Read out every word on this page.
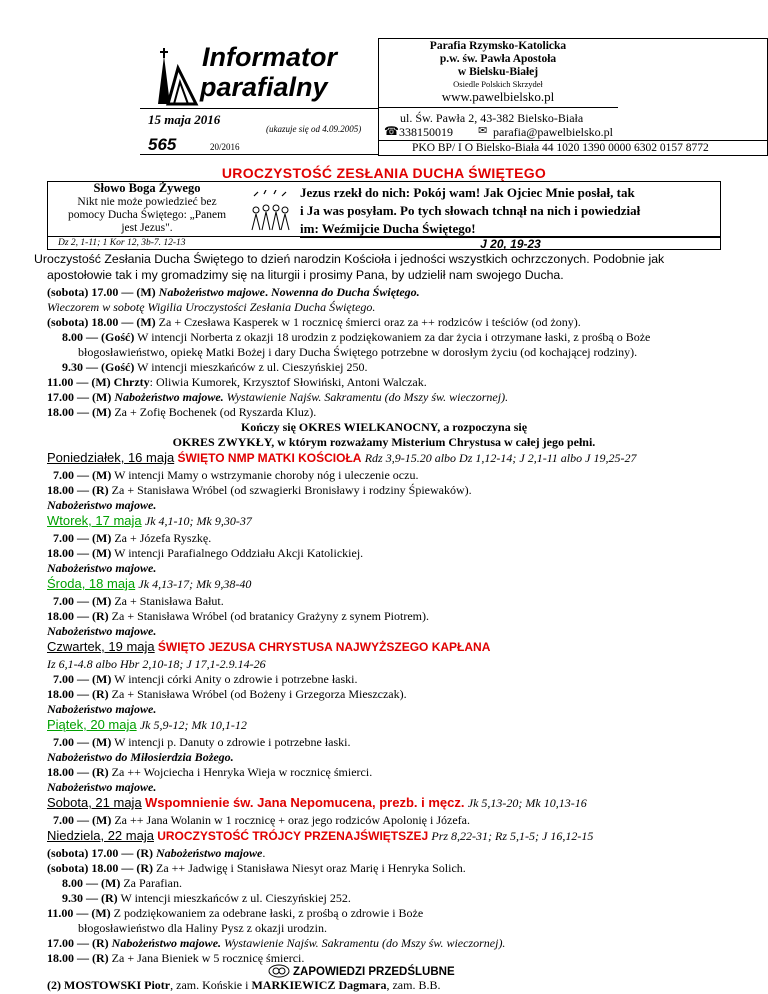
Informator
parafialny
15 maja 2016
565	20/2016
(ukazuje się od 4.09.2005)
Parafia Rzymsko-Katolicka
p.w. św. Pawła Apostoła
w Bielsku-Białej
Osiedle Polskich Skrzydeł
www.pawelbielsko.pl
ul. Św. Pawła 2, 43-382 Bielsko-Biała
☎ 338150019 ✉ parafia@pawelbielsko.pl
PKO BP/ I O Bielsko-Biała 44 1020 1390 0000 6302 0157 8772
UROCZYSTOŚĆ ZESŁANIA DUCHA ŚWIĘTEGO
Słowo Boga Żywego
Nikt nie może powiedzieć bez
pomocy Ducha Świętego: „Panem
jest Jezus".
Dz 2, 1-11; 1 Kor 12, 3b-7. 12-13
Jezus rzekł do nich: Pokój wam! Jak Ojciec Mnie posłał, tak
i Ja was posyłam. Po tych słowach tchnął na nich i powiedział
im: Weźmijcie Ducha Świętego!
J 20, 19-23
Uroczystość Zesłania Ducha Świętego to dzień narodzin Kościoła i jedności wszystkich ochrzczonych. Podobnie jak
apostołowie tak i my gromadzimy się na liturgii i prosimy Pana, by udzielił nam swojego Ducha.
(sobota) 17.00 — (M) Nabożeństwo majowe. Nowenna do Ducha Świętego.
Wieczorem w sobotę Wigilia Uroczystości Zesłania Ducha Świętego.
(sobota) 18.00 — (M) Za + Czesława Kasperek w 1 rocznicę śmierci oraz za ++ rodziców i teściów (od żony).
8.00 — (Gość) W intencji Norberta z okazji 18 urodzin z podziękowaniem za dar życia i otrzymane łaski, z prośbą o Boże
błogosławieństwo, opiekę Matki Bożej i dary Ducha Świętego potrzebne w dorosłym życiu (od kochającej rodziny).
9.30 — (Gość) W intencji mieszkańców z ul. Cieszyńskiej 250.
11.00 — (M) Chrzty: Oliwia Kumorek, Krzysztof Słowiński, Antoni Walczak.
17.00 — (M) Nabożeństwo majowe. Wystawienie Najśw. Sakramentu (do Mszy św. wieczornej).
18.00 — (M) Za + Zofię Bochenek (od Ryszarda Kluz).
Kończy się OKRES WIELKANOCNY, a rozpoczyna się
OKRES ZWYKŁY, w którym rozważamy Misterium Chrystusa w całej jego pełni.
Poniedziałek, 16 maja ŚWIĘTO NMP MATKI KOŚCIOŁA Rdz 3,9-15.20 albo Dz 1,12-14; J 2,1-11 albo J 19,25-27
7.00 — (M) W intencji Mamy o wstrzymanie choroby nóg i uleczenie oczu.
18.00 — (R) Za + Stanisława Wróbel (od szwagierki Bronisławy i rodziny Śpiewaków).
Nabożeństwo majowe.
Wtorek, 17 maja Jk 4,1-10; Mk 9,30-37
7.00 — (M) Za + Józefa Ryszkę.
18.00 — (M) W intencji Parafialnego Oddziału Akcji Katolickiej.
Nabożeństwo majowe.
Środa, 18 maja Jk 4,13-17; Mk 9,38-40
7.00 — (M) Za + Stanisława Bałut.
18.00 — (R) Za + Stanisława Wróbel (od bratanicy Grażyny z synem Piotrem).
Nabożeństwo majowe.
Czwartek, 19 maja ŚWIĘTO JEZUSA CHRYSTUSA NAJWYŻSZEGO KAPŁANA
Iz 6,1-4.8 albo Hbr 2,10-18; J 17,1-2.9.14-26
7.00 — (M) W intencji córki Anity o zdrowie i potrzebne łaski.
18.00 — (R) Za + Stanisława Wróbel (od Bożeny i Grzegorza Mieszczak).
Nabożeństwo majowe.
Piątek, 20 maja Jk 5,9-12; Mk 10,1-12
7.00 — (M) W intencji p. Danuty o zdrowie i potrzebne łaski.
Nabożeństwo do Miłosierdzia Bożego.
18.00 — (R) Za ++ Wojciecha i Henryka Wieja w rocznicę śmierci.
Nabożeństwo majowe.
Sobota, 21 maja Wspomnienie św. Jana Nepomucena, prezb. i męcz. Jk 5,13-20; Mk 10,13-16
7.00 — (M) Za ++ Jana Wolanin w 1 rocznicę + oraz jego rodziców Apolonię i Józefa.
Niedziela, 22 maja UROCZYSTOŚĆ TRÓJCY PRZENAJŚWIĘTSZEJ Prz 8,22-31; Rz 5,1-5; J 16,12-15
(sobota) 17.00 — (R) Nabożeństwo majowe.
(sobota) 18.00 — (R) Za ++ Jadwigę i Stanisława Niesyt oraz Marię i Henryka Solich.
8.00 — (M) Za Parafian.
9.30 — (R) W intencji mieszkańców z ul. Cieszyńskiej 252.
11.00 — (M) Z podziękowaniem za odebrane łaski, z prośbą o zdrowie i Boże
błogosławieństwo dla Haliny Pysz z okazji urodzin.
17.00 — (R) Nabożeństwo majowe. Wystawienie Najśw. Sakramentu (do Mszy św. wieczornej).
18.00 — (R) Za + Jana Bieniek w 5 rocznicę śmierci.
ZAPOWIEDZI PRZEDŚLUBNE
(2) MOSTOWSKI Piotr, zam. Końskie i MARKIEWICZ Dagmara, zam. B.B.
